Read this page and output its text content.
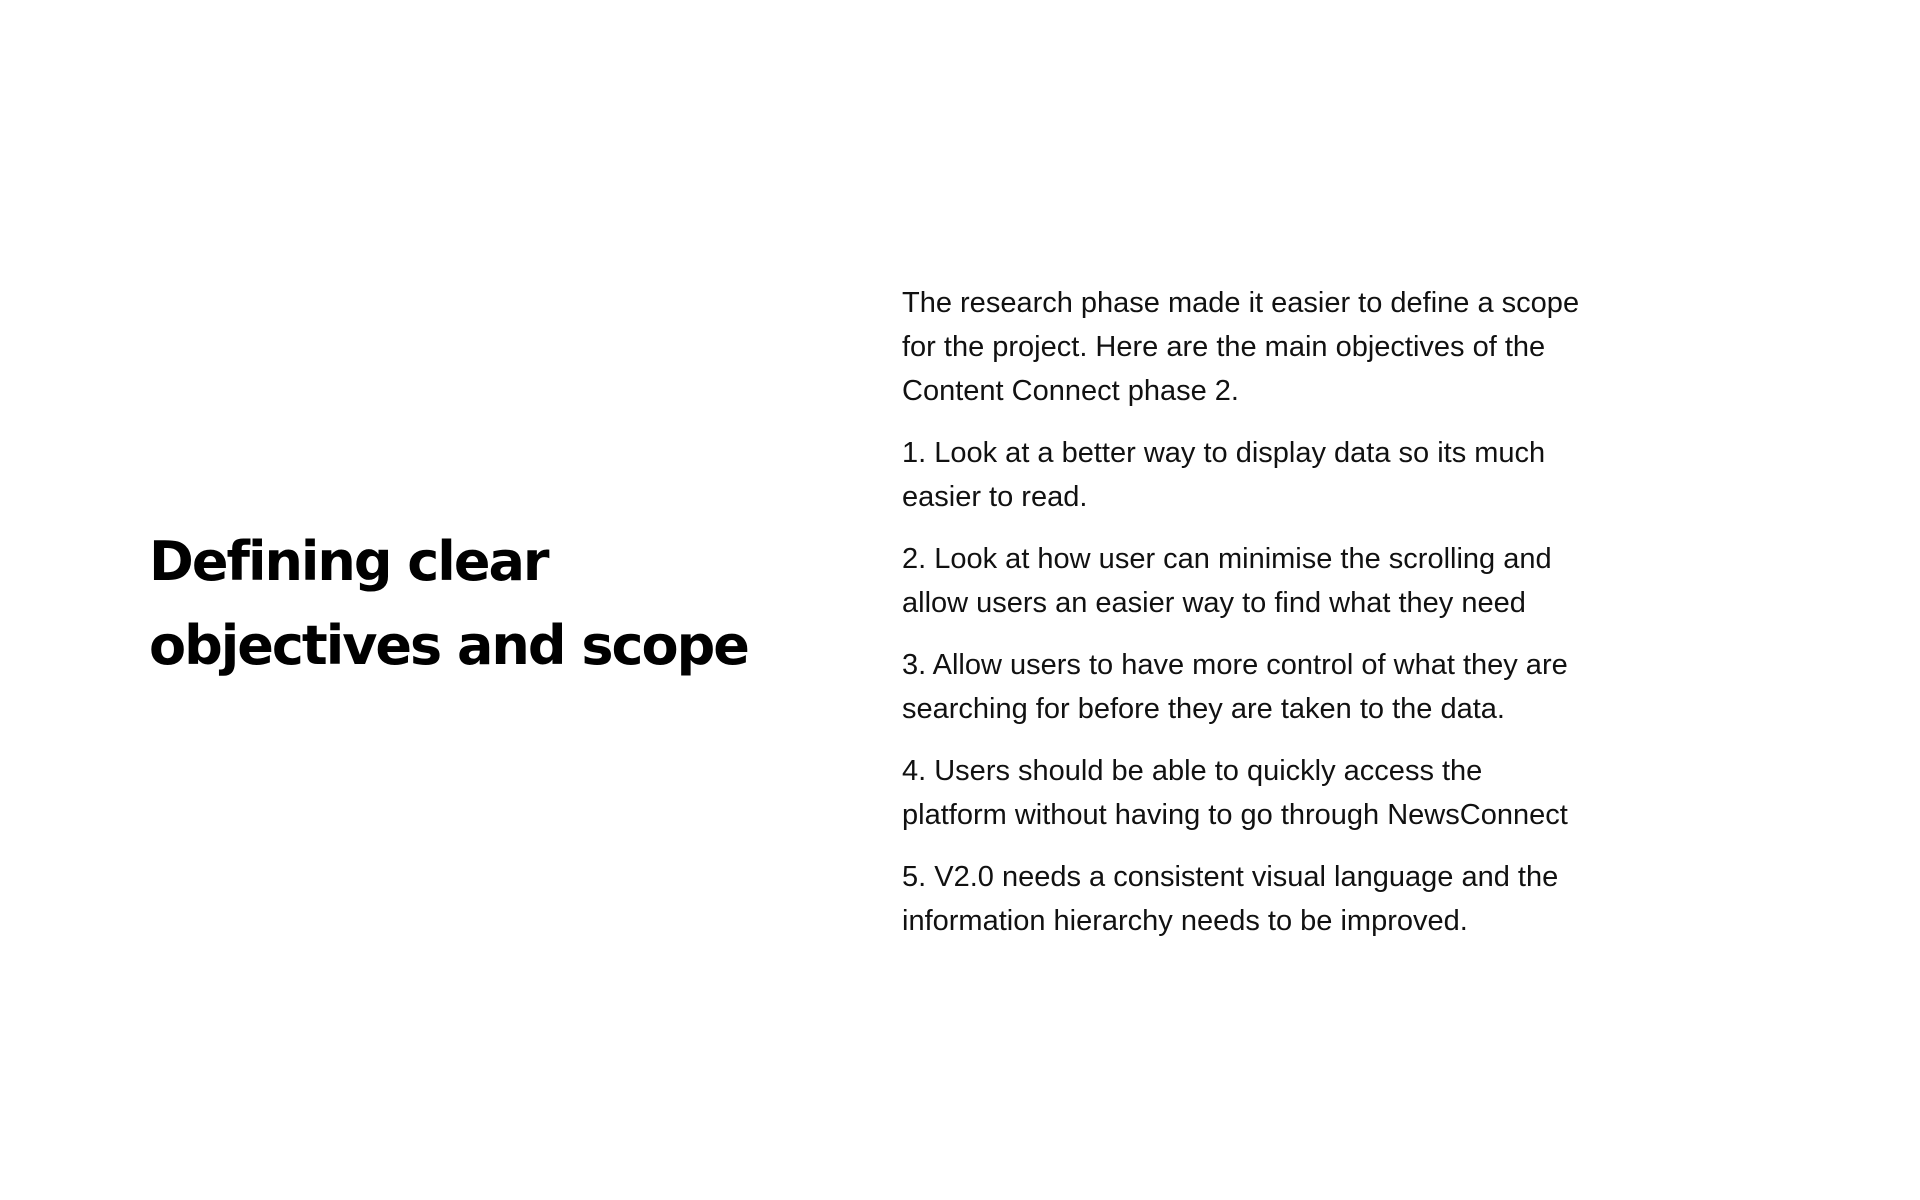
Defining clear
objectives and scope

The research phase made it easier to define a scope
for the project. Here are the main objectives of the
Content Connect phase 2.

1. Look at a better way to display data so its much
easier to read.

2. Look at how user can minimise the scrolling and
allow users an easier way to find what they need

3. Allow users to have more control of what they are
searching for before they are taken to the data.

4. Users should be able to quickly access the
platform without having to go through NewsConnect

5. V2.0 needs a consistent visual language and the
information hierarchy needs to be improved.
